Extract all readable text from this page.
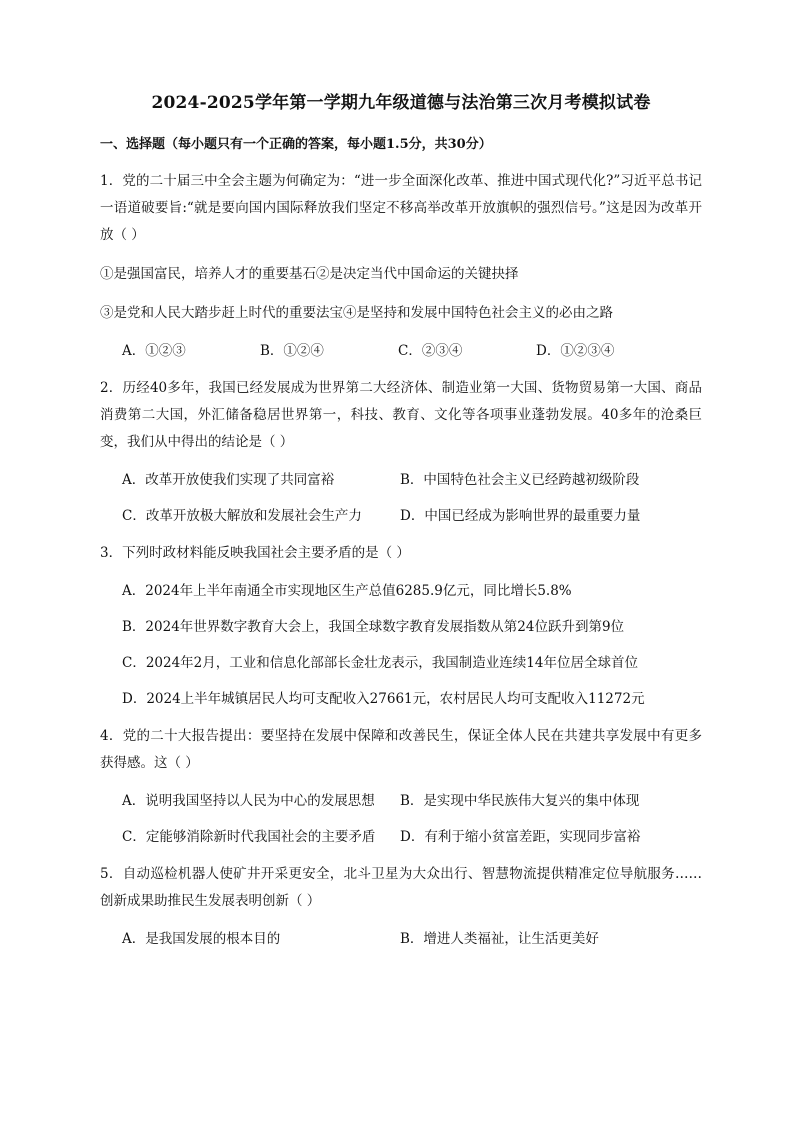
2024-2025学年第一学期九年级道德与法治第三次月考模拟试卷
一、选择题（每小题只有一个正确的答案，每小题1.5分，共30分）
1．党的二十届三中全会主题为何确定为：“进一步全面深化改革、推进中国式现代化?”习近平总书记一语道破要旨:“就是要向国内国际释放我们坚定不移高举改革开放旗帜的强烈信号。”这是因为改革开放（ ）
①是强国富民，培养人才的重要基石②是决定当代中国命运的关键抉择
③是党和人民大踏步赶上时代的重要法宝④是坚持和发展中国特色社会主义的必由之路
A．①②③	B．①②④	C．②③④	D．①②③④
2．历经40多年，我国已经发展成为世界第二大经济体、制造业第一大国、货物贸易第一大国、商品消费第二大国，外汇储备稳居世界第一，科技、教育、文化等各项事业蓬勃发展。40多年的沧桑巨变，我们从中得出的结论是（ ）
A．改革开放使我们实现了共同富裕	B．中国特色社会主义已经跨越初级阶段
C．改革开放极大解放和发展社会生产力	D．中国已经成为影响世界的最重要力量
3．下列时政材料能反映我国社会主要矛盾的是（ ）
A．2024年上半年南通全市实现地区生产总值6285.9亿元，同比增长5.8%
B．2024年世界数字教育大会上，我国全球数字教育发展指数从第24位跃升到第9位
C．2024年2月，工业和信息化部部长金壮龙表示，我国制造业连续14年位居全球首位
D．2024上半年城镇居民人均可支配收入27661元，农村居民人均可支配收入11272元
4．党的二十大报告提出：要坚持在发展中保障和改善民生，保证全体人民在共建共享发展中有更多获得感。这（ ）
A．说明我国坚持以人民为中心的发展思想	B．是实现中华民族伟大复兴的集中体现
C．定能够消除新时代我国社会的主要矛盾	D．有利于缩小贫富差距，实现同步富裕
5．自动巡检机器人使矿井开采更安全，北斗卫星为大众出行、智慧物流提供精准定位导航服务……创新成果助推民生发展表明创新（ ）
A．是我国发展的根本目的	B．增进人类福祉，让生活更美好
